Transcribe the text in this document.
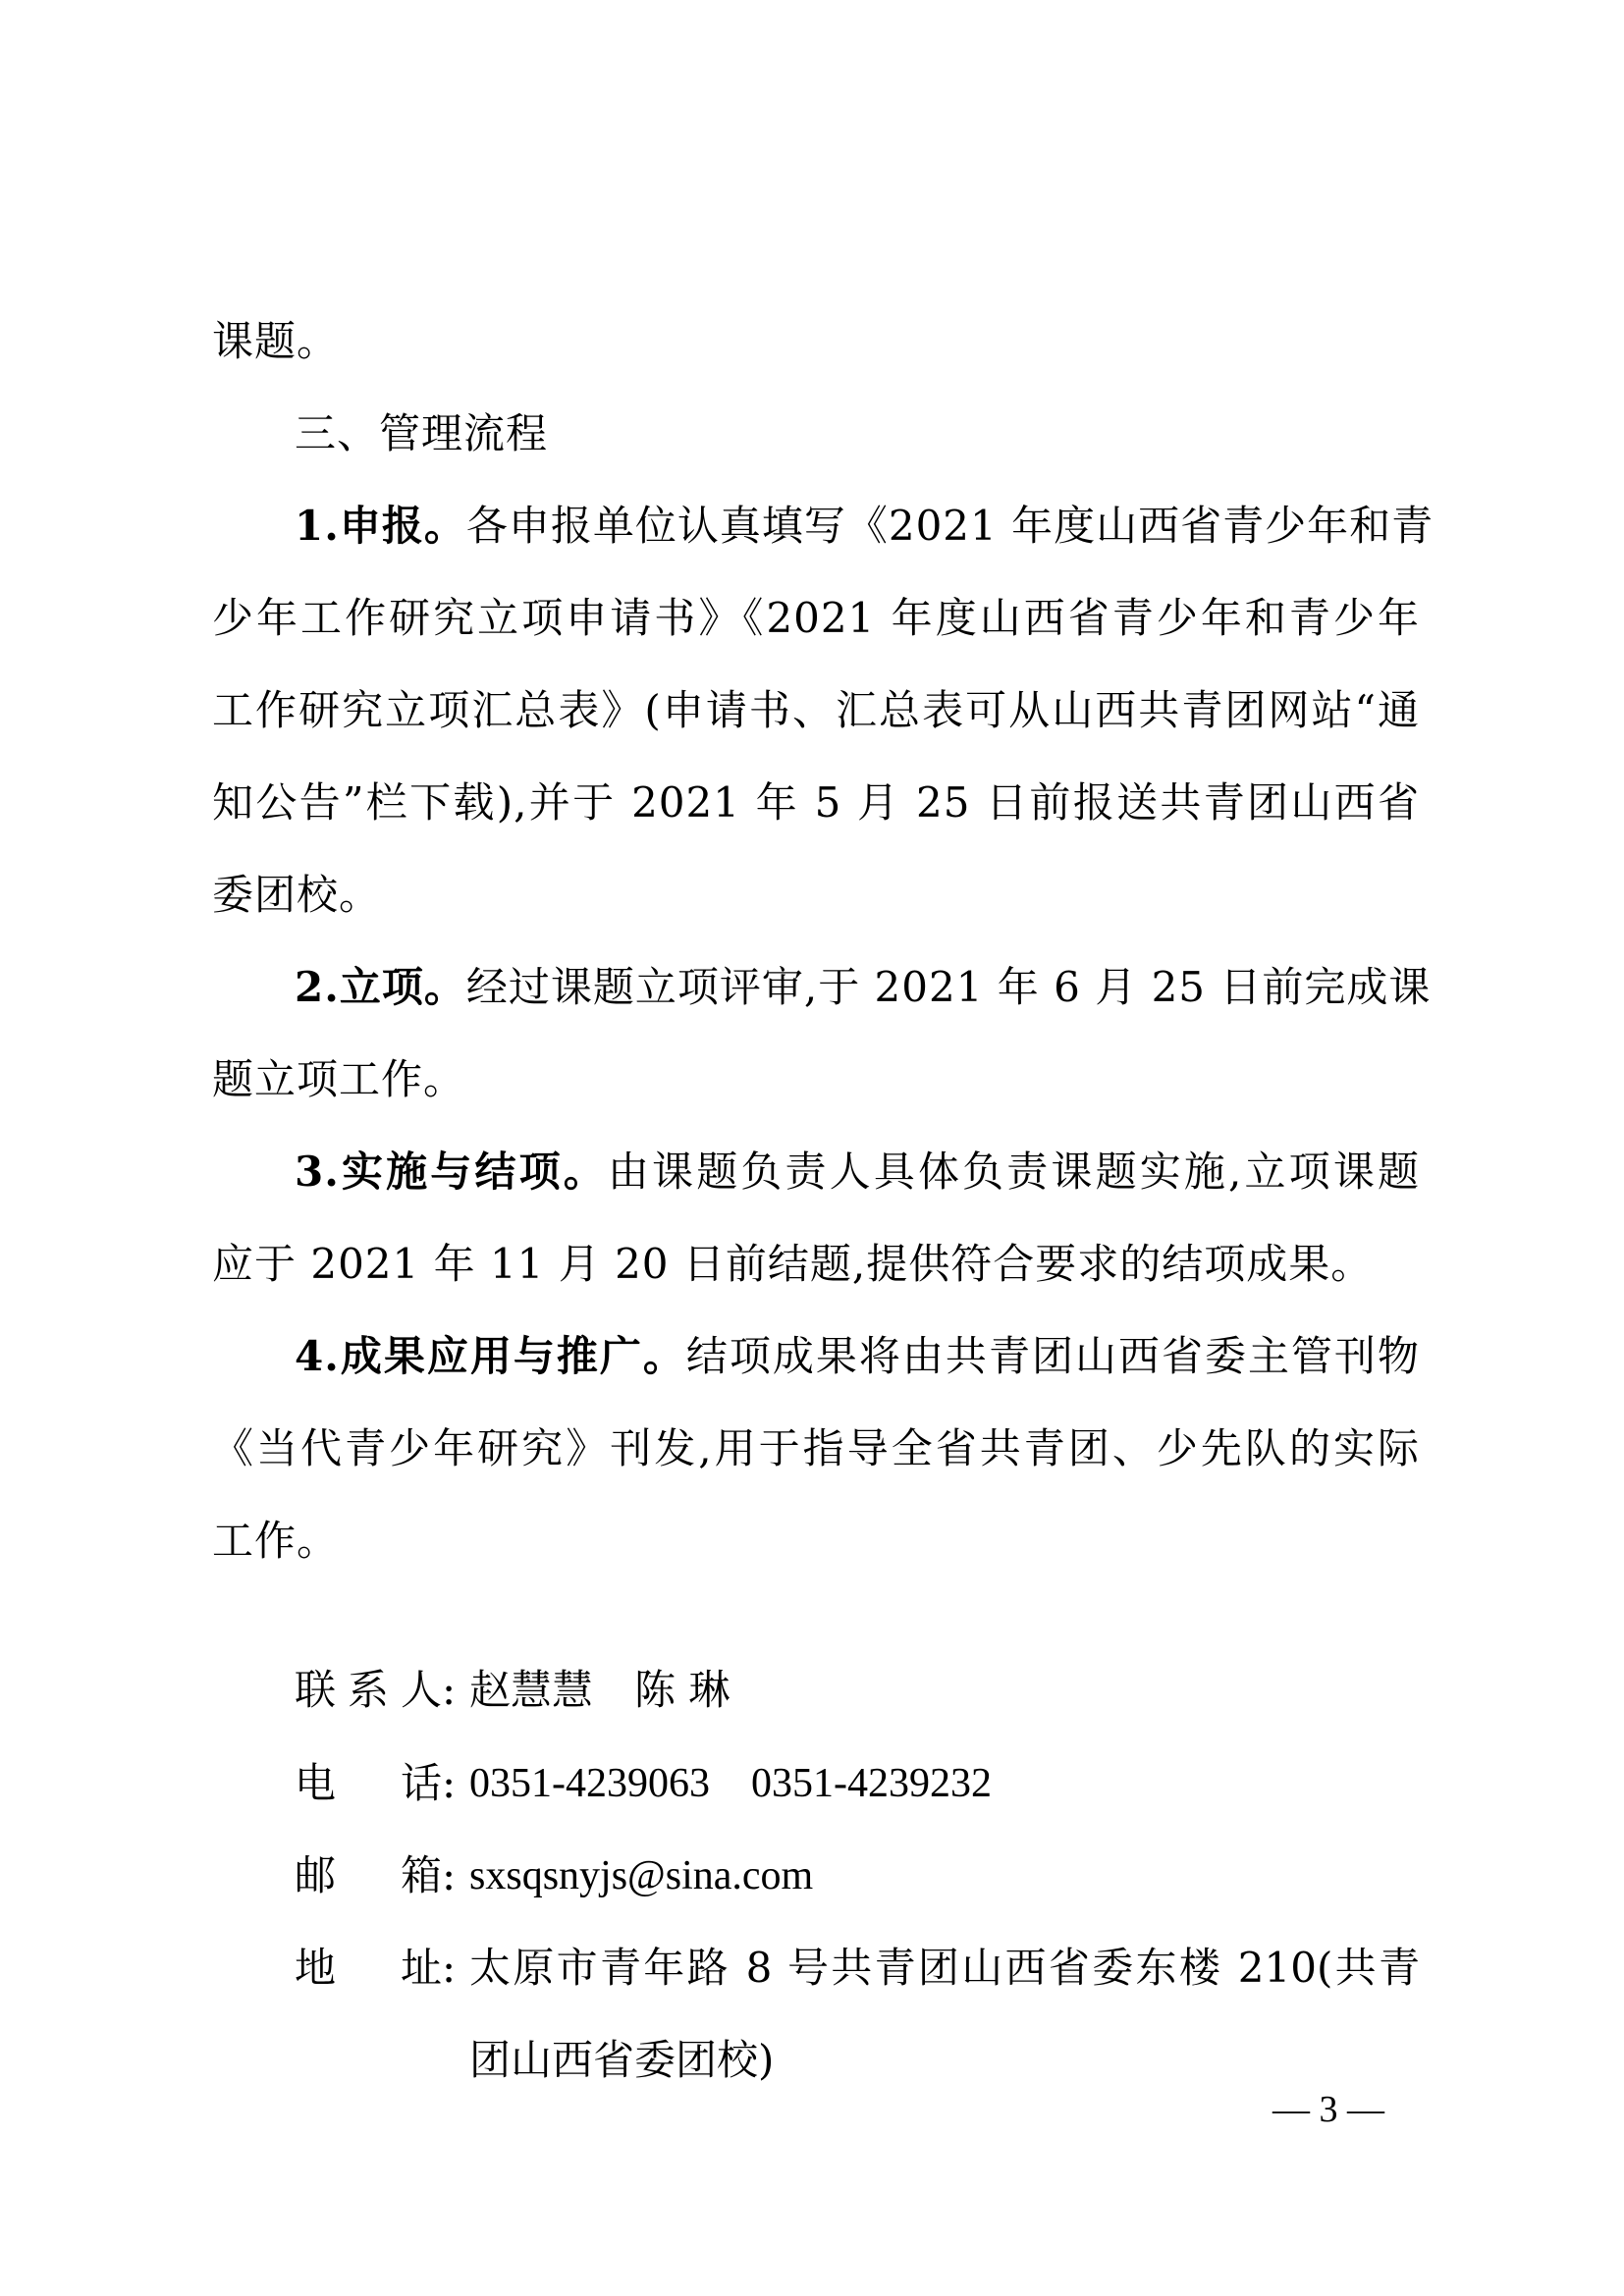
课题。
三、管理流程
1.申报。各申报单位认真填写《2021 年度山西省青少年和青
少年工作研究立项申请书》《2021 年度山西省青少年和青少年
工作研究立项汇总表》(申请书、汇总表可从山西共青团网站“通
知公告”栏下载),并于 2021 年 5 月 25 日前报送共青团山西省
委团校。
2.立项。经过课题立项评审,于 2021 年 6 月 25 日前完成课
题立项工作。
3.实施与结项。由课题负责人具体负责课题实施,立项课题
应于 2021 年 11 月 20 日前结题,提供符合要求的结项成果。
4.成果应用与推广。结项成果将由共青团山西省委主管刊物
《当代青少年研究》刊发,用于指导全省共青团、少先队的实际
工作。
联系人: 赵慧慧　陈 琳
电话: 0351-4239063　0351-4239232
邮箱: sxsqsnyjs@sina.com
地址: 太原市青年路 8 号共青团山西省委东楼 210(共青
团山西省委团校)
— 3 —
